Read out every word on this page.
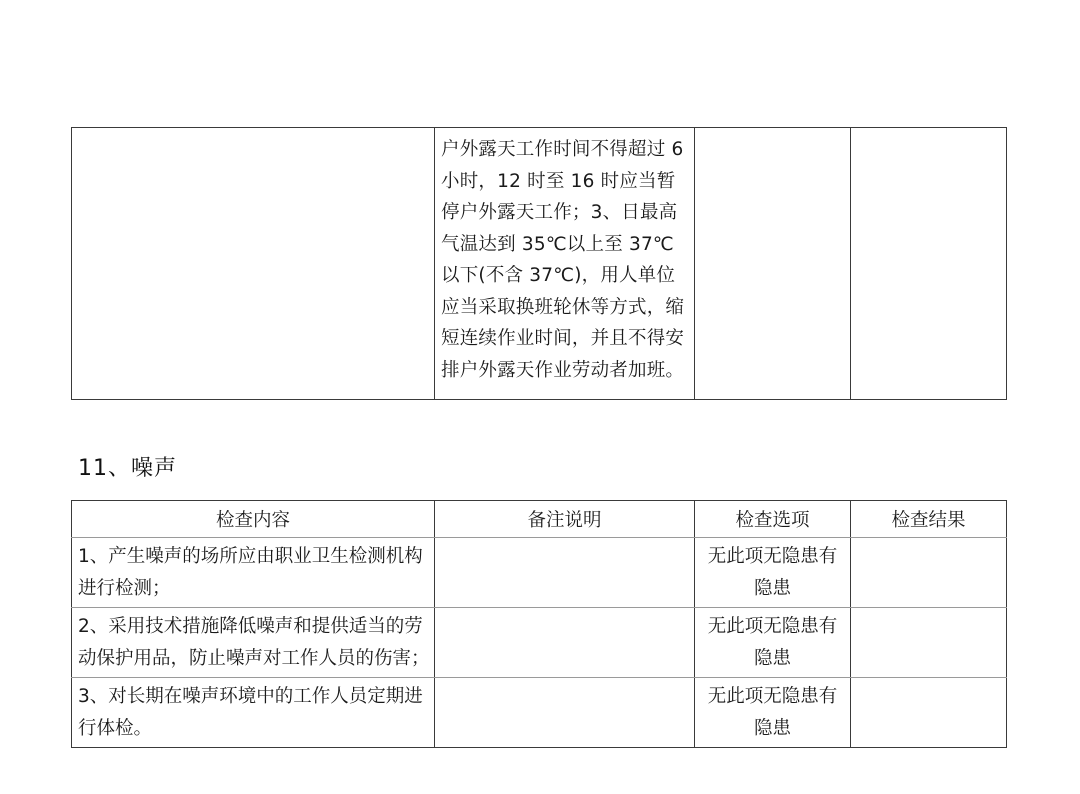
	户外露天工作时间不得超过 6 小时，12 时至 16 时应当暂停户外露天工作；3、日最高气温达到 35℃以上至 37℃以下(不含 37℃)，用人单位应当采取换班轮休等方式，缩短连续作业时间，并且不得安排户外露天作业劳动者加班。		
11、噪声
检查内容	备注说明	检查选项	检查结果
1、产生噪声的场所应由职业卫生检测机构进行检测；		无此项无隐患有隐患	
2、采用技术措施降低噪声和提供适当的劳动保护用品，防止噪声对工作人员的伤害；		无此项无隐患有隐患	
3、对长期在噪声环境中的工作人员定期进行体检。		无此项无隐患有隐患	
